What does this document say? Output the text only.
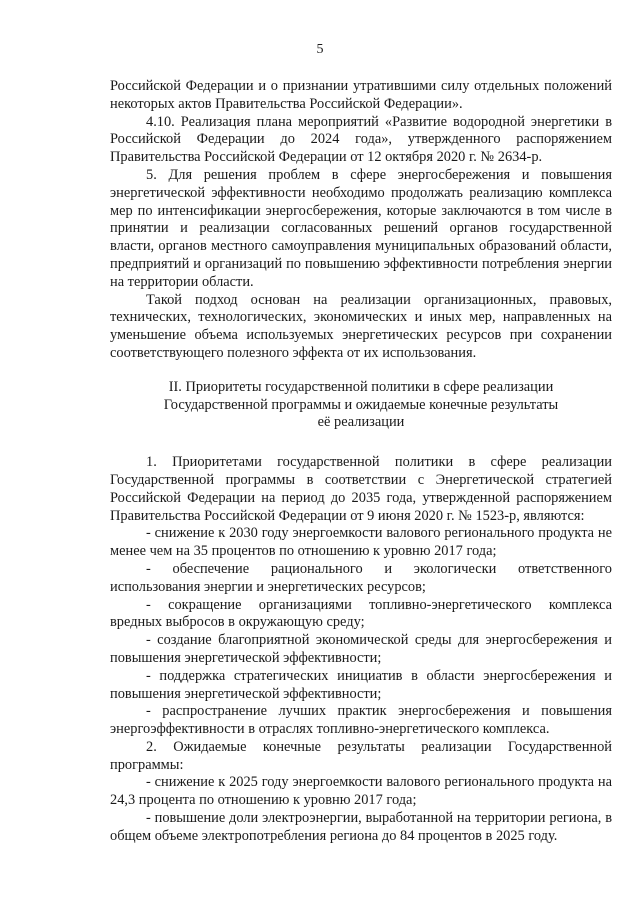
5

Российской Федерации и о признании утратившими силу отдельных положений некоторых актов Правительства Российской Федерации».

4.10. Реализация плана мероприятий «Развитие водородной энергетики в Российской Федерации до 2024 года», утвержденного распоряжением Правительства Российской Федерации от 12 октября 2020 г. № 2634-р.

5. Для решения проблем в сфере энергосбережения и повышения энергетической эффективности необходимо продолжать реализацию комплекса мер по интенсификации энергосбережения, которые заключаются в том числе в принятии и реализации согласованных решений органов государственной власти, органов местного самоуправления муниципальных образований области, предприятий и организаций по повышению эффективности потребления энергии на территории области.

Такой подход основан на реализации организационных, правовых, технических, технологических, экономических и иных мер, направленных на уменьшение объема используемых энергетических ресурсов при сохранении соответствующего полезного эффекта от их использования.

II. Приоритеты государственной политики в сфере реализации
Государственной программы и ожидаемые конечные результаты
её реализации

1. Приоритетами государственной политики в сфере реализации Государственной программы в соответствии с Энергетической стратегией Российской Федерации на период до 2035 года, утвержденной распоряжением Правительства Российской Федерации от 9 июня 2020 г. № 1523-р, являются:

- снижение к 2030 году энергоемкости валового регионального продукта не менее чем на 35 процентов по отношению к уровню 2017 года;

- обеспечение рационального и экологически ответственного использования энергии и энергетических ресурсов;

- сокращение организациями топливно-энергетического комплекса вредных выбросов в окружающую среду;

- создание благоприятной экономической среды для энергосбережения и повышения энергетической эффективности;

- поддержка стратегических инициатив в области энергосбережения и повышения энергетической эффективности;

- распространение лучших практик энергосбережения и повышения энергоэффективности в отраслях топливно-энергетического комплекса.

2. Ожидаемые конечные результаты реализации Государственной программы:

- снижение к 2025 году энергоемкости валового регионального продукта на 24,3 процента по отношению к уровню 2017 года;

- повышение доли электроэнергии, выработанной на территории региона, в общем объеме электропотребления региона до 84 процентов в 2025 году.
